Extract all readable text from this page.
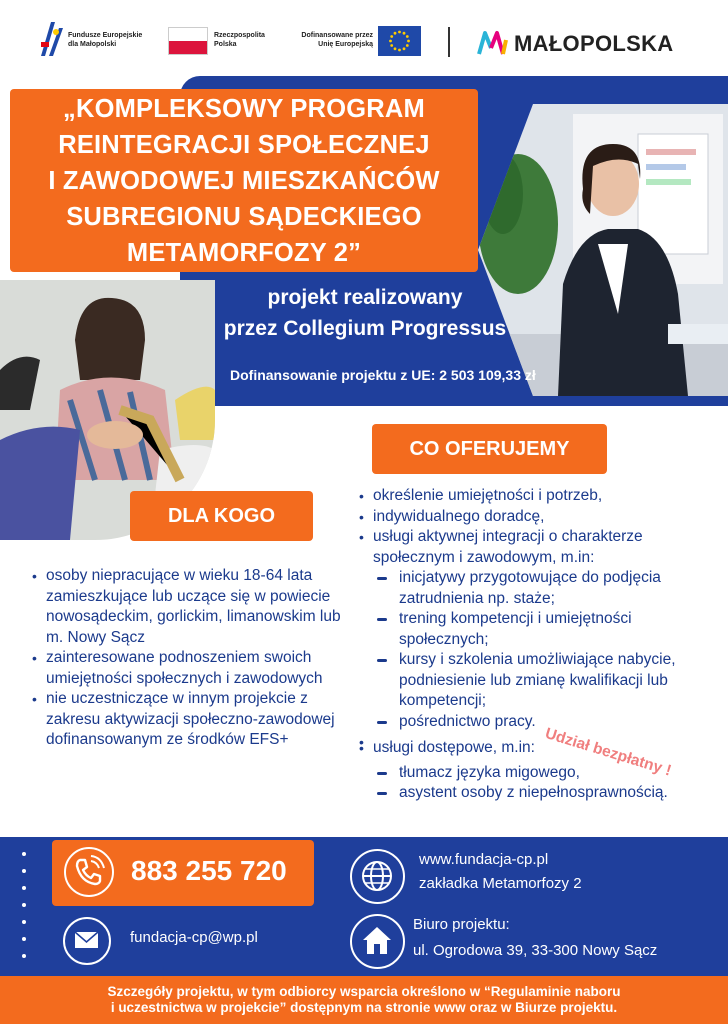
Fundusze Europejskie
dla Małopolski
Rzeczpospolita
Polska
Dofinansowane przez
Unię Europejską	MAŁOPOLSKA
„KOMPLEKSOWY PROGRAM
REINTEGRACJI SPOŁECZNEJ
I ZAWODOWEJ MIESZKAŃCÓW
SUBREGIONU SĄDECKIEGO
METAMORFOZY 2”
projekt realizowany
przez Collegium Progressus
Dofinansowanie projektu z UE: 2 503 109,33 zł
CO OFERUJEMY
DLA KOGO
• osoby niepracujące w wieku 18-64 lata zamieszkujące lub uczące się w powiecie nowosądeckim, gorlickim, limanowskim lub m. Nowy Sącz
• zainteresowane podnoszeniem swoich umiejętności społecznych i zawodowych
• nie uczestniczące w innym projekcie z zakresu aktywizacji społeczno-zawodowej dofinansowanym ze środków EFS+
• określenie umiejętności i potrzeb,
• indywidualnego doradcę,
• usługi aktywnej integracji o charakterze społecznym i zawodowym, m.in:
inicjatywy przygotowujące do podjęcia zatrudnienia np. staże;
trening kompetencji i umiejętności społecznych;
kursy i szkolenia umożliwiające nabycie, podniesienie lub zmianę kwalifikacji lub kompetencji;
pośrednictwo pracy.
•
• usługi dostępowe, m.in:
tłumacz języka migowego,
asystent osoby z niepełnosprawnością.
Udział bezpłatny !
883 255 720
fundacja-cp@wp.pl
www.fundacja-cp.pl
zakładka Metamorfozy 2
Biuro projektu:
ul. Ogrodowa 39, 33-300 Nowy Sącz
Szczegóły projektu, w tym odbiorcy wsparcia określono w “Regulaminie naboru
i uczestnictwa w projekcie” dostępnym na stronie www oraz w Biurze projektu.
